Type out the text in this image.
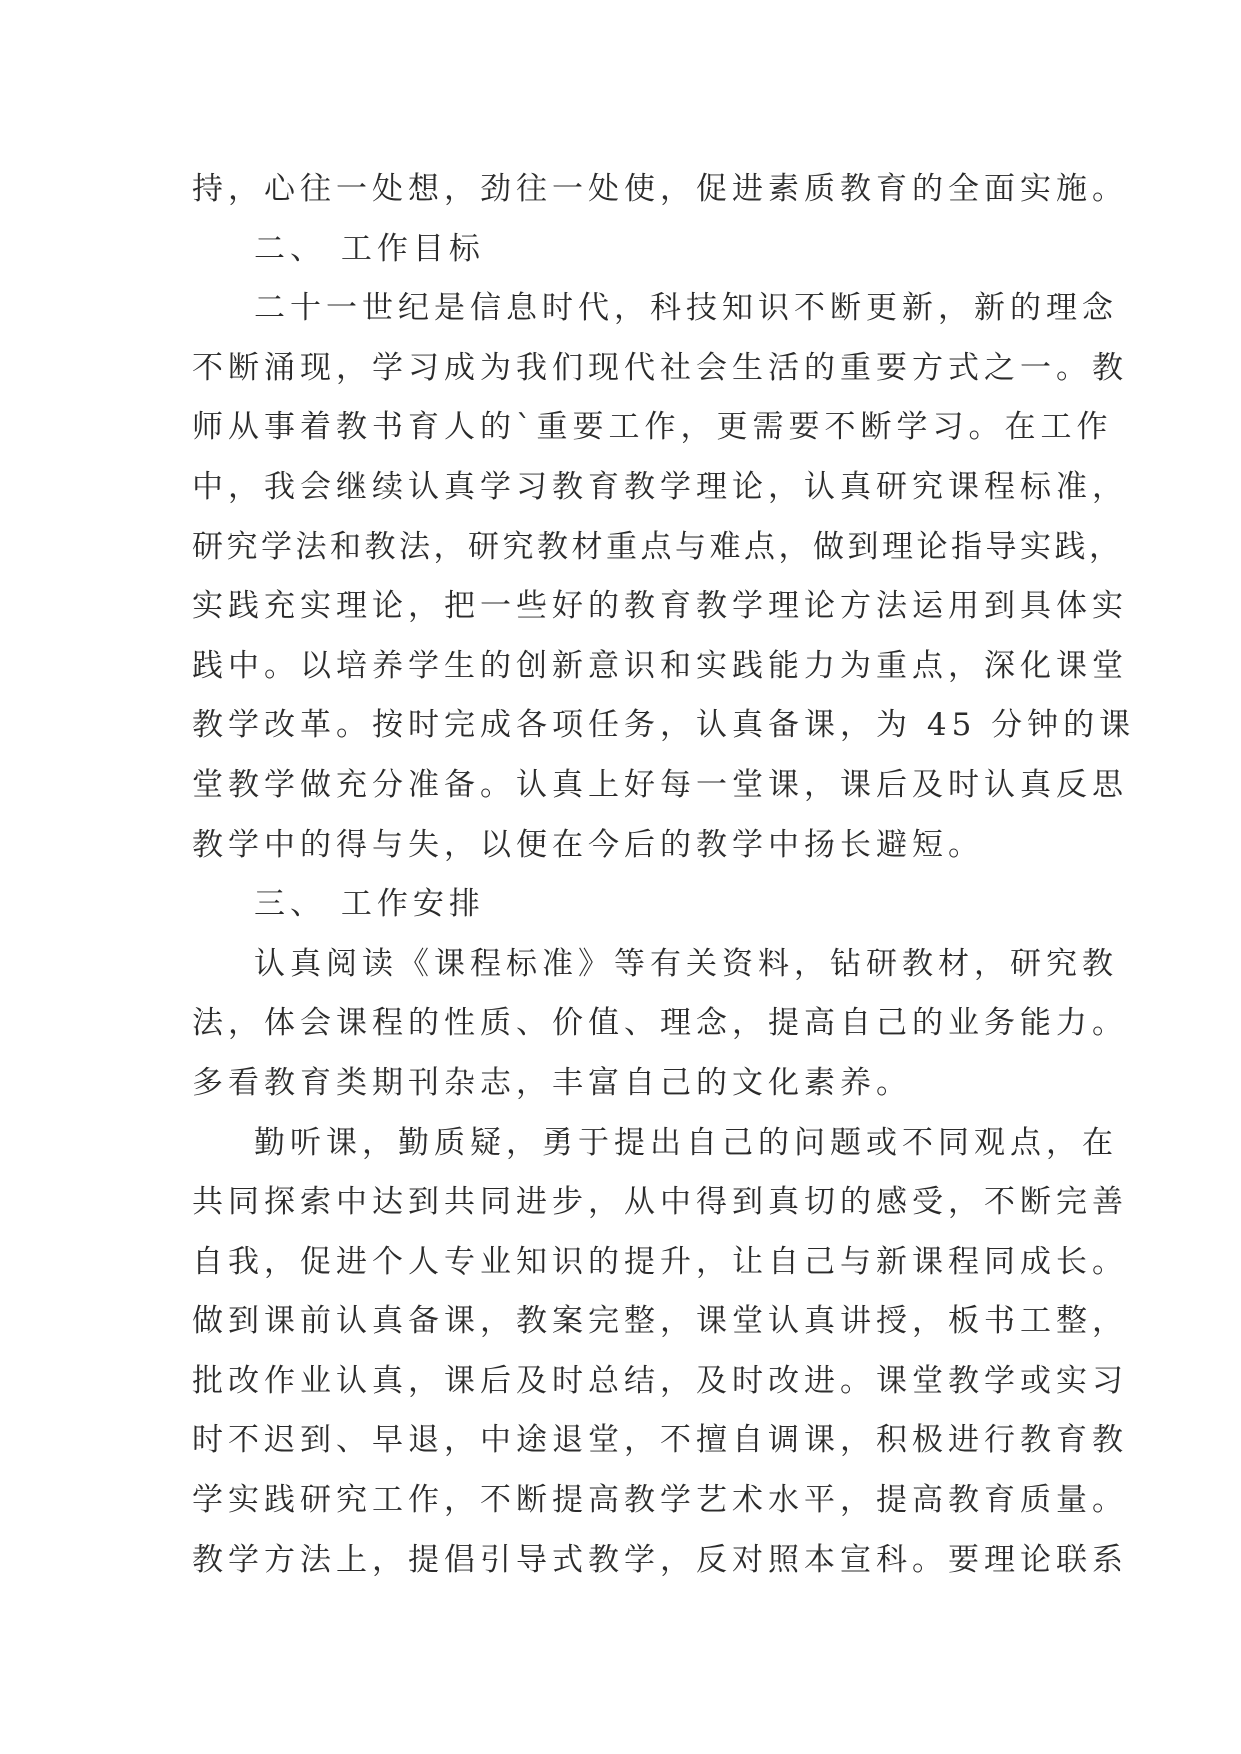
持，心往一处想，劲往一处使，促进素质教育的全面实施。
二、 工作目标
二十一世纪是信息时代，科技知识不断更新，新的理念
不断涌现，学习成为我们现代社会生活的重要方式之一。教
师从事着教书育人的`重要工作，更需要不断学习。在工作
中，我会继续认真学习教育教学理论，认真研究课程标准，
研究学法和教法，研究教材重点与难点，做到理论指导实践，
实践充实理论，把一些好的教育教学理论方法运用到具体实
践中。以培养学生的创新意识和实践能力为重点，深化课堂
教学改革。按时完成各项任务，认真备课，为 45 分钟的课
堂教学做充分准备。认真上好每一堂课，课后及时认真反思
教学中的得与失，以便在今后的教学中扬长避短。
三、 工作安排
认真阅读《课程标准》等有关资料，钻研教材，研究教
法，体会课程的性质、价值、理念，提高自己的业务能力。
多看教育类期刊杂志，丰富自己的文化素养。
勤听课，勤质疑，勇于提出自己的问题或不同观点，在
共同探索中达到共同进步，从中得到真切的感受，不断完善
自我，促进个人专业知识的提升，让自己与新课程同成长。
做到课前认真备课，教案完整，课堂认真讲授，板书工整，
批改作业认真，课后及时总结，及时改进。课堂教学或实习
时不迟到、早退，中途退堂，不擅自调课，积极进行教育教
学实践研究工作，不断提高教学艺术水平，提高教育质量。
教学方法上，提倡引导式教学，反对照本宣科。要理论联系
